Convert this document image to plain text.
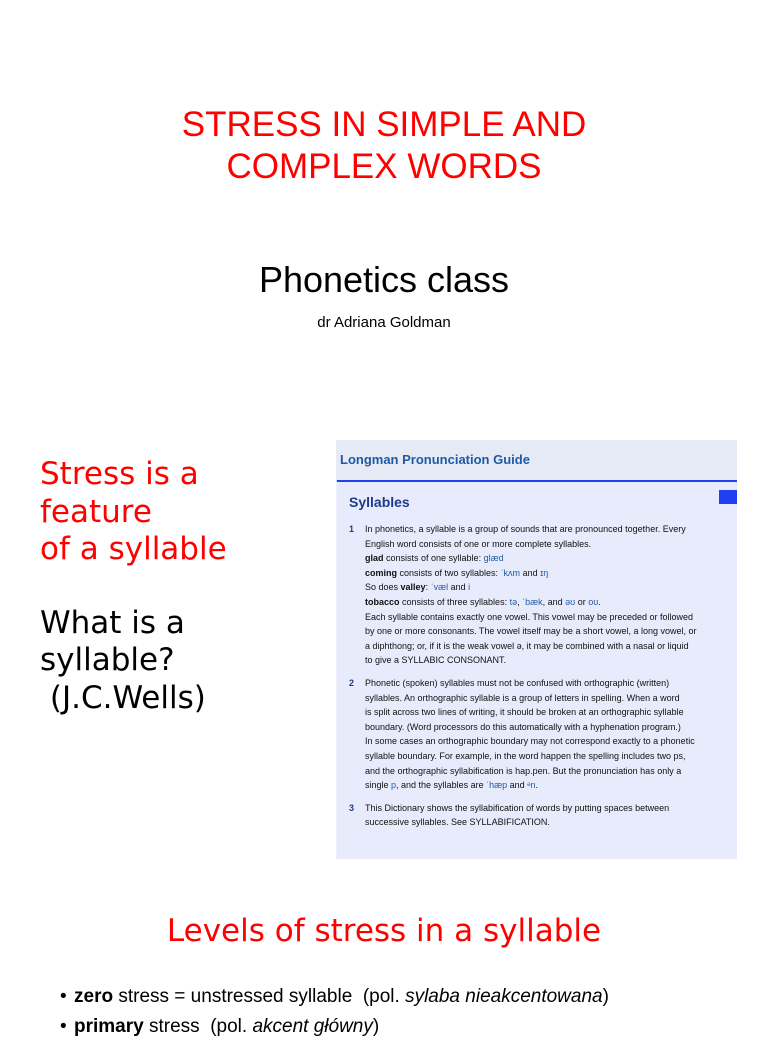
STRESS IN SIMPLE AND
COMPLEX WORDS
Phonetics class
dr Adriana Goldman
Stress is a
feature
of a syllable
What is a
syllable?
(J.C.Wells)
Longman Pronunciation Guide
Syllables
1	In phonetics, a syllable is a group of sounds that are pronounced together. Every
English word consists of one or more complete syllables.
glad consists of one syllable: glæd
coming consists of two syllables: ˈkʌm and ɪŋ
So does valley: ˈvæl and i
tobacco consists of three syllables: tə, ˈbæk, and əʊ or oʊ.
Each syllable contains exactly one vowel. This vowel may be preceded or followed
by one or more consonants. The vowel itself may be a short vowel, a long vowel, or
a diphthong; or, if it is the weak vowel ə, it may be combined with a nasal or liquid
to give a SYLLABIC CONSONANT.
2	Phonetic (spoken) syllables must not be confused with orthographic (written)
syllables. An orthographic syllable is a group of letters in spelling. When a word
is split across two lines of writing, it should be broken at an orthographic syllable
boundary. (Word processors do this automatically with a hyphenation program.)
In some cases an orthographic boundary may not correspond exactly to a phonetic
syllable boundary. For example, in the word happen the spelling includes two ps,
and the orthographic syllabification is hap.pen. But the pronunciation has only a
single p, and the syllables are ˈhæp and ᵊn.
3	This Dictionary shows the syllabification of words by putting spaces between
successive syllables. See SYLLABIFICATION.
Levels of stress in a syllable
• zero stress = unstressed syllable  (pol. sylaba nieakcentowana)
• primary stress  (pol. akcent główny)
